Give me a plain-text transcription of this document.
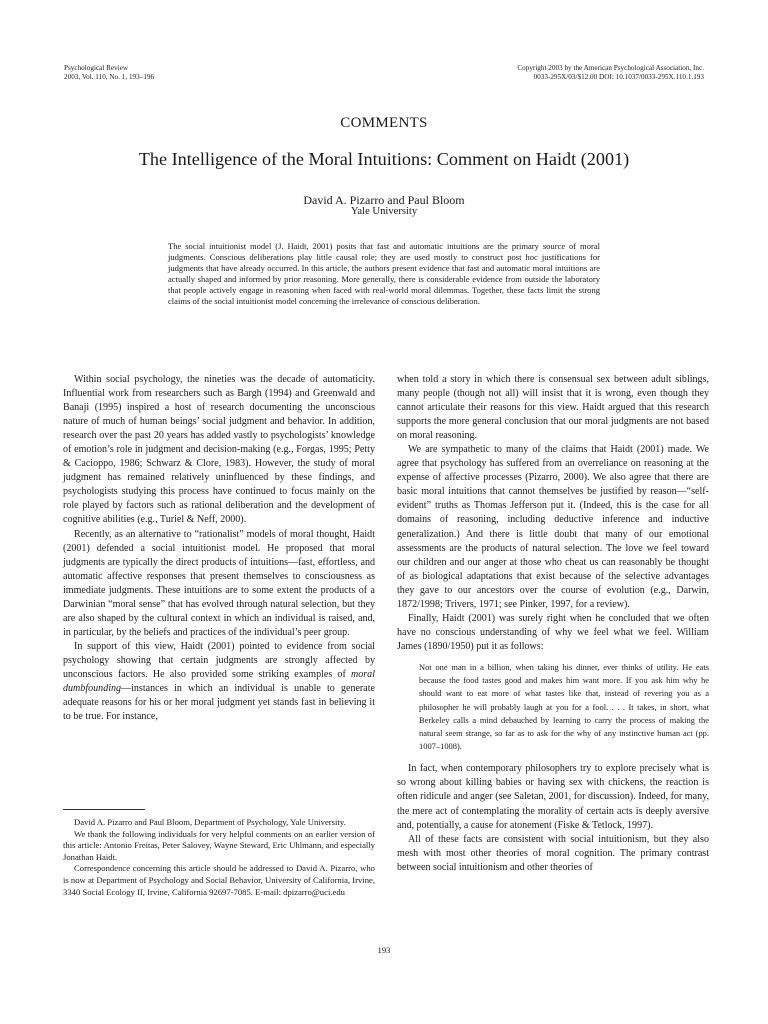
Psychological Review
2003, Vol. 110, No. 1, 193–196
Copyright 2003 by the American Psychological Association, Inc.
0033-295X/03/$12.00 DOI: 10.1037/0033-295X.110.1.193
COMMENTS
The Intelligence of the Moral Intuitions: Comment on Haidt (2001)
David A. Pizarro and Paul Bloom
Yale University

The social intuitionist model (J. Haidt, 2001) posits that fast and automatic intuitions are the primary source of moral judgments. Conscious deliberations play little causal role; they are used mostly to construct post hoc justifications for judgments that have already occurred. In this article, the authors present evidence that fast and automatic moral intuitions are actually shaped and informed by prior reasoning. More generally, there is considerable evidence from outside the laboratory that people actively engage in reasoning when faced with real-world moral dilemmas. Together, these facts limit the strong claims of the social intuitionist model concerning the irrelevance of conscious deliberation.

Within social psychology, the nineties was the decade of automaticity. Influential work from researchers such as Bargh (1994) and Greenwald and Banaji (1995) inspired a host of research documenting the unconscious nature of much of human beings’ social judgment and behavior. In addition, research over the past 20 years has added vastly to psychologists’ knowledge of emotion’s role in judgment and decision-making (e.g., Forgas, 1995; Petty & Cacioppo, 1986; Schwarz & Clore, 1983). However, the study of moral judgment has remained relatively uninfluenced by these findings, and psychologists studying this process have continued to focus mainly on the role played by factors such as rational deliberation and the development of cognitive abilities (e.g., Turiel & Neff, 2000).

Recently, as an alternative to “rationalist” models of moral thought, Haidt (2001) defended a social intuitionist model. He proposed that moral judgments are typically the direct products of intuitions—fast, effortless, and automatic affective responses that present themselves to consciousness as immediate judgments. These intuitions are to some extent the products of a Darwinian “moral sense” that has evolved through natural selection, but they are also shaped by the cultural context in which an individual is raised, and, in particular, by the beliefs and practices of the individual’s peer group.

In support of this view, Haidt (2001) pointed to evidence from social psychology showing that certain judgments are strongly affected by unconscious factors. He also provided some striking examples of moral dumbfounding—instances in which an individual is unable to generate adequate reasons for his or her moral judgment yet stands fast in believing it to be true. For instance,

when told a story in which there is consensual sex between adult siblings, many people (though not all) will insist that it is wrong, even though they cannot articulate their reasons for this view. Haidt argued that this research supports the more general conclusion that our moral judgments are not based on moral reasoning.

We are sympathetic to many of the claims that Haidt (2001) made. We agree that psychology has suffered from an overreliance on reasoning at the expense of affective processes (Pizarro, 2000). We also agree that there are basic moral intuitions that cannot themselves be justified by reason—“self-evident” truths as Thomas Jefferson put it. (Indeed, this is the case for all domains of reasoning, including deductive inference and inductive generalization.) And there is little doubt that many of our emotional assessments are the products of natural selection. The love we feel toward our children and our anger at those who cheat us can reasonably be thought of as biological adaptations that exist because of the selective advantages they gave to our ancestors over the course of evolution (e.g., Darwin, 1872/1998; Trivers, 1971; see Pinker, 1997, for a review).

Finally, Haidt (2001) was surely right when he concluded that we often have no conscious understanding of why we feel what we feel. William James (1890/1950) put it as follows:

Not one man in a billion, when taking his dinner, ever thinks of utility. He eats because the food tastes good and makes him want more. If you ask him why he should want to eat more of what tastes like that, instead of revering you as a philosopher he will probably laugh at you for a fool. . . . It takes, in short, what Berkeley calls a mind debauched by learning to carry the process of making the natural seem strange, so far as to ask for the why of any instinctive human act (pp. 1007–1008).

In fact, when contemporary philosophers try to explore precisely what is so wrong about killing babies or having sex with chickens, the reaction is often ridicule and anger (see Saletan, 2001, for discussion). Indeed, for many, the mere act of contemplating the morality of certain acts is deeply aversive and, potentially, a cause for atonement (Fiske & Tetlock, 1997).

All of these facts are consistent with social intuitionism, but they also mesh with most other theories of moral cognition. The primary contrast between social intuitionism and other theories of

David A. Pizarro and Paul Bloom, Department of Psychology, Yale University.

We thank the following individuals for very helpful comments on an earlier version of this article: Antonio Freitas, Peter Salovey, Wayne Steward, Eric Uhlmann, and especially Jonathan Haidt.

Correspondence concerning this article should be addressed to David A. Pizarro, who is now at Department of Psychology and Social Behavior, University of California, Irvine, 3340 Social Ecology II, Irvine, California 92697-7085. E-mail: dpizarro@uci.edu

193
